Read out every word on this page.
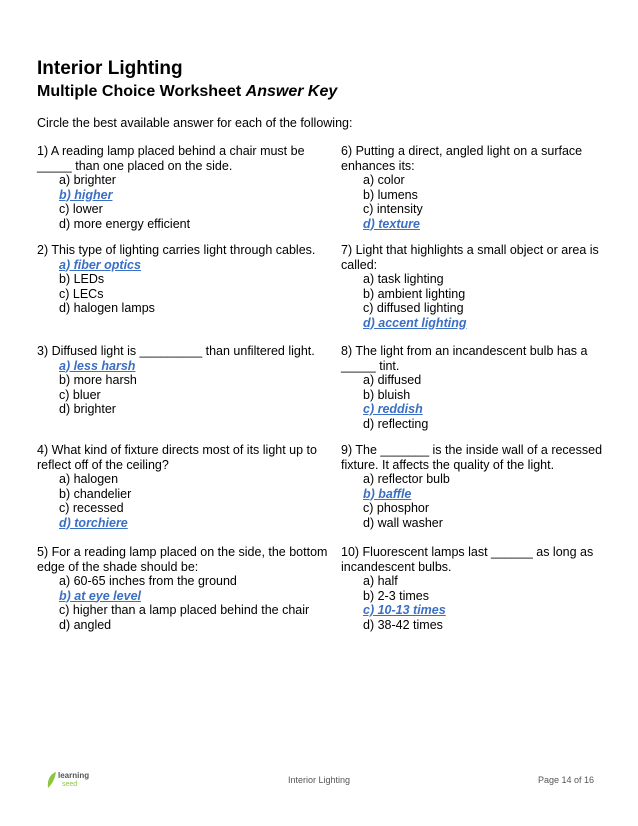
Interior Lighting
Multiple Choice Worksheet Answer Key
Circle the best available answer for each of the following:
1) A reading lamp placed behind a chair must be _____ than one placed on the side.
a) brighter
b) higher
c) lower
d) more energy efficient
2) This type of lighting carries light through cables.
a) fiber optics
b) LEDs
c) LECs
d) halogen lamps
3) Diffused light is _________ than unfiltered light.
a) less harsh
b) more harsh
c) bluer
d) brighter
4) What kind of fixture directs most of its light up to reflect off of the ceiling?
a) halogen
b) chandelier
c) recessed
d) torchiere
5) For a reading lamp placed on the side, the bottom edge of the shade should be:
a) 60-65 inches from the ground
b) at eye level
c) higher than a lamp placed behind the chair
d) angled
6) Putting a direct, angled light on a surface enhances its:
a) color
b) lumens
c) intensity
d) texture
7) Light that highlights a small object or area is called:
a) task lighting
b) ambient lighting
c) diffused lighting
d) accent lighting
8) The light from an incandescent bulb has a _____ tint.
a) diffused
b) bluish
c) reddish
d) reflecting
9) The _______ is the inside wall of a recessed fixture. It affects the quality of the light.
a) reflector bulb
b) baffle
c) phosphor
d) wall washer
10) Fluorescent lamps last ______ as long as incandescent bulbs.
a) half
b) 2-3 times
c) 10-13 times
d) 38-42 times
learning
seed	Interior Lighting	Page 14 of 16
